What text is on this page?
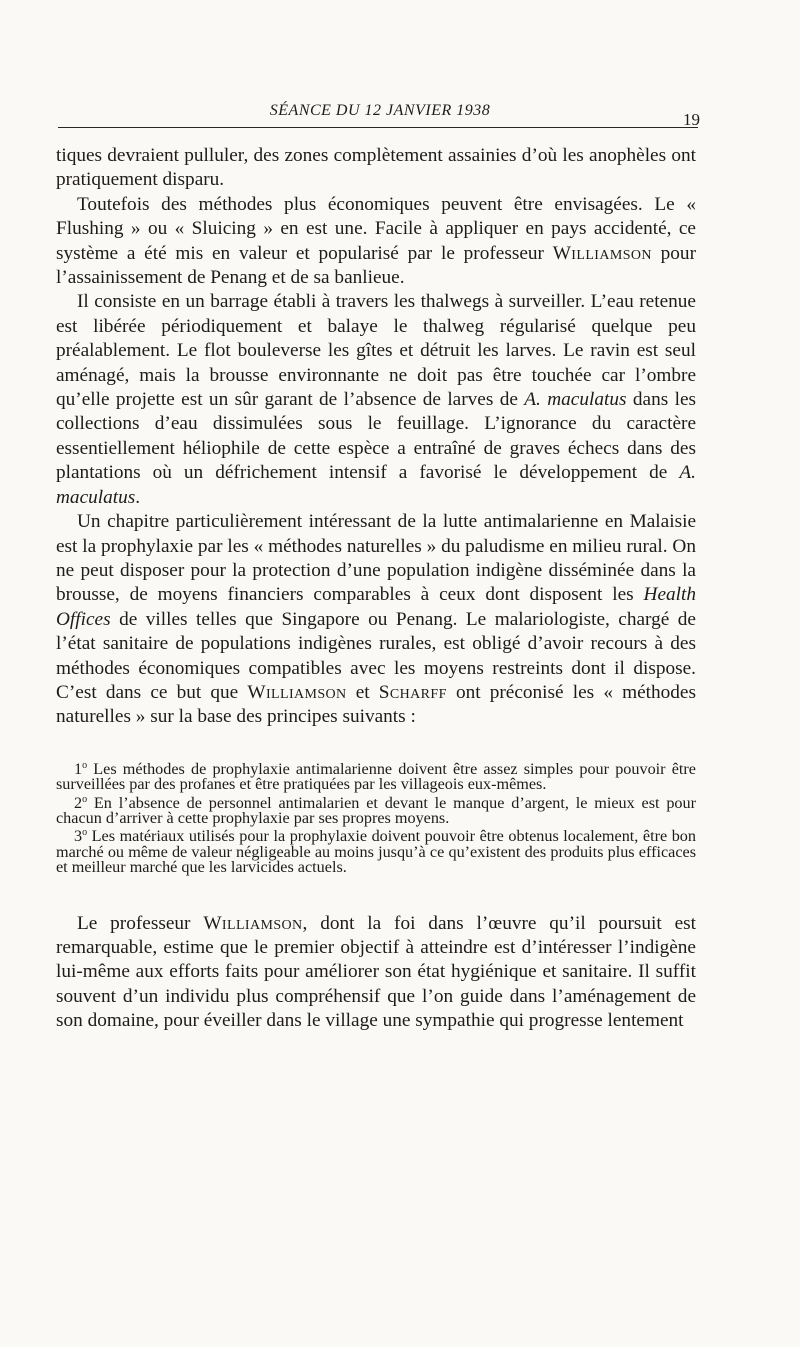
SÉANCE DU 12 JANVIER 1938	19

tiques devraient pulluler, des zones complètement assainies d’où les anophèles ont pratiquement disparu.

Toutefois des méthodes plus économiques peuvent être envisagées. Le « Flushing » ou « Sluicing » en est une. Facile à appliquer en pays accidenté, ce système a été mis en valeur et popularisé par le professeur Williamson pour l’assainissement de Penang et de sa banlieue.

Il consiste en un barrage établi à travers les thalwegs à surveiller. L’eau retenue est libérée périodiquement et balaye le thalweg régularisé quelque peu préalablement. Le flot bouleverse les gîtes et détruit les larves. Le ravin est seul aménagé, mais la brousse environnante ne doit pas être touchée car l’ombre qu’elle projette est un sûr garant de l’absence de larves de A. maculatus dans les collections d’eau dissimulées sous le feuillage. L’ignorance du caractère essentiellement héliophile de cette espèce a entraîné de graves échecs dans des plantations où un défrichement intensif a favorisé le développement de A. maculatus.

Un chapitre particulièrement intéressant de la lutte antimalarienne en Malaisie est la prophylaxie par les « méthodes naturelles » du paludisme en milieu rural. On ne peut disposer pour la protection d’une population indigène disséminée dans la brousse, de moyens financiers comparables à ceux dont disposent les Health Offices de villes telles que Singapore ou Penang. Le malariologiste, chargé de l’état sanitaire de populations indigènes rurales, est obligé d’avoir recours à des méthodes économiques compatibles avec les moyens restreints dont il dispose. C’est dans ce but que Williamson et Scharff ont préconisé les « méthodes naturelles » sur la base des principes suivants :

1$^o$ Les méthodes de prophylaxie antimalarienne doivent être assez simples pour pouvoir être surveillées par des profanes et être pratiquées par les villageois eux-mêmes.

2$^o$ En l’absence de personnel antimalarien et devant le manque d’argent, le mieux est pour chacun d’arriver à cette prophylaxie par ses propres moyens.

3$^o$ Les matériaux utilisés pour la prophylaxie doivent pouvoir être obtenus localement, être bon marché ou même de valeur négligeable au moins jusqu’à ce qu’existent des produits plus efficaces et meilleur marché que les larvicides actuels.

Le professeur Williamson, dont la foi dans l’œuvre qu’il poursuit est remarquable, estime que le premier objectif à atteindre est d’intéresser l’indigène lui-même aux efforts faits pour améliorer son état hygiénique et sanitaire. Il suffit souvent d’un individu plus compréhensif que l’on guide dans l’aménagement de son domaine, pour éveiller dans le village une sympathie qui progresse lentement
